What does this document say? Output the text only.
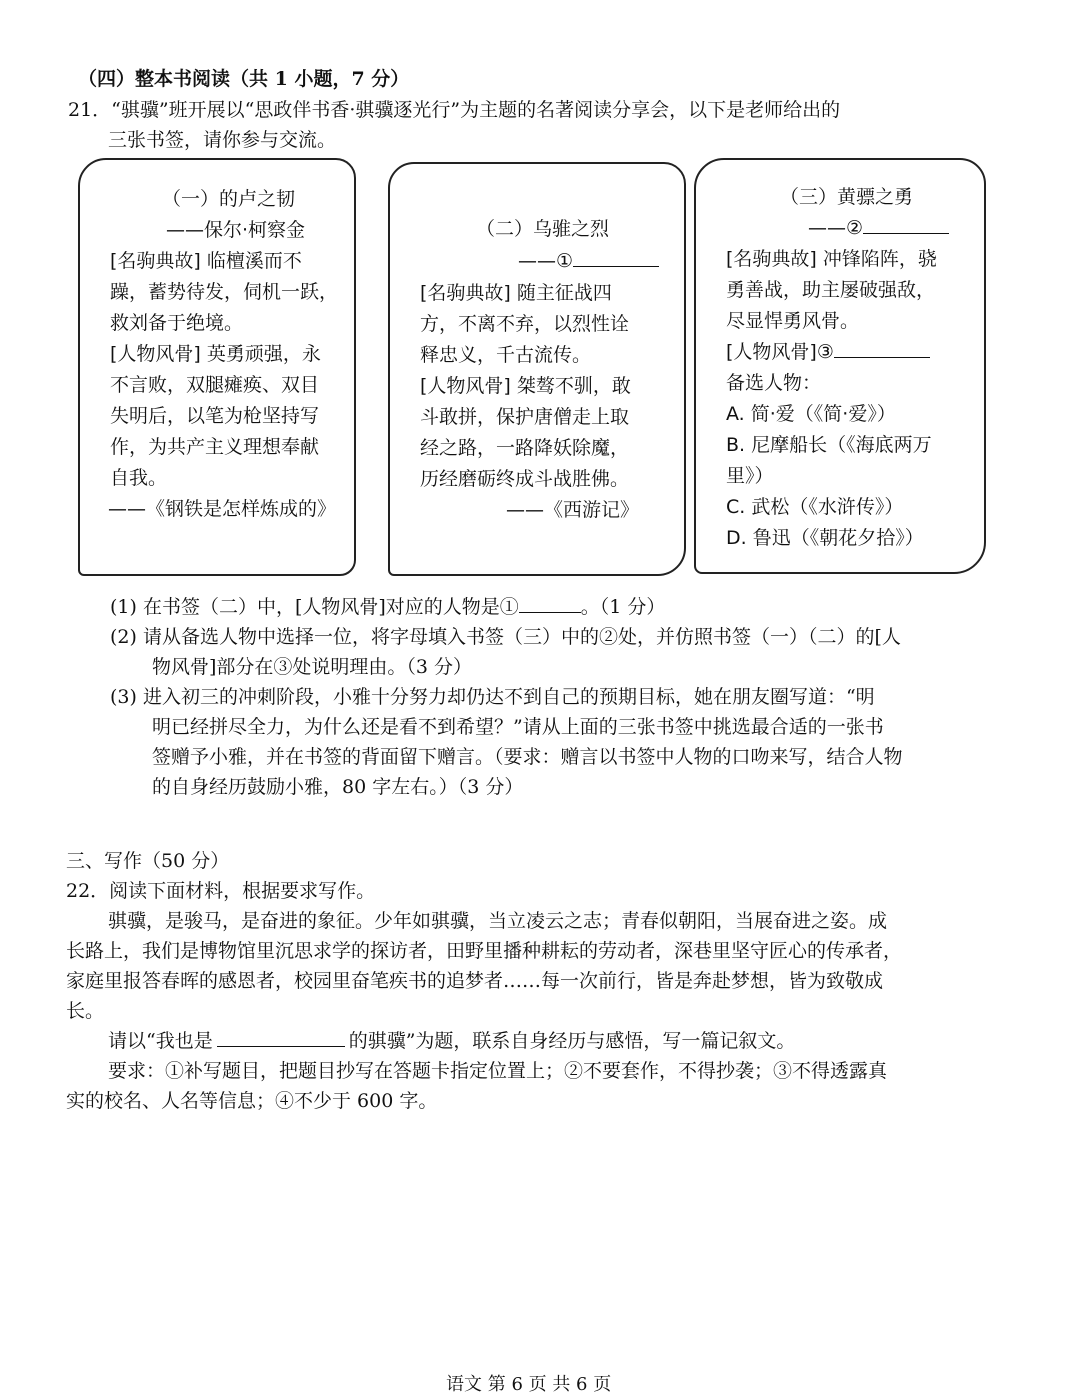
（四）整本书阅读（共 1 小题，7 分）
21．“骐骥”班开展以“思政伴书香·骐骥逐光行”为主题的名著阅读分享会，以下是老师给出的
三张书签，请你参与交流。
（一）的卢之韧
——保尔·柯察金
[名驹典故] 临檀溪而不
躁，蓄势待发，伺机一跃，
救刘备于绝境。
[人物风骨] 英勇顽强，永
不言败，双腿瘫痪、双目
失明后，以笔为枪坚持写
作，为共产主义理想奉献
自我。
——《钢铁是怎样炼成的》
（二）乌骓之烈
——①
[名驹典故] 随主征战四
方，不离不弃，以烈性诠
释忠义，千古流传。
[人物风骨] 桀骜不驯，敢
斗敢拼，保护唐僧走上取
经之路，一路降妖除魔，
历经磨砺终成斗战胜佛。
——《西游记》
（三）黄骠之勇
——②
[名驹典故] 冲锋陷阵，骁
勇善战，助主屡破强敌，
尽显悍勇风骨。
[人物风骨]③
备选人物：
A. 简·爱（《简·爱》）
B. 尼摩船长（《海底两万
里》）
C. 武松（《水浒传》）
D. 鲁迅（《朝花夕拾》）
(1) 在书签（二）中，[人物风骨]对应的人物是①	。（1 分）
(2) 请从备选人物中选择一位，将字母填入书签（三）中的②处，并仿照书签（一）（二）的[人
物风骨]部分在③处说明理由。（3 分）
(3) 进入初三的冲刺阶段，小雅十分努力却仍达不到自己的预期目标，她在朋友圈写道：“明
明已经拼尽全力，为什么还是看不到希望？”请从上面的三张书签中挑选最合适的一张书
签赠予小雅，并在书签的背面留下赠言。（要求：赠言以书签中人物的口吻来写，结合人物
的自身经历鼓励小雅，80 字左右。）（3 分）
三、写作（50 分）
22．阅读下面材料，根据要求写作。
骐骥，是骏马，是奋进的象征。少年如骐骥，当立凌云之志；青春似朝阳，当展奋进之姿。成
长路上，我们是博物馆里沉思求学的探访者，田野里播种耕耘的劳动者，深巷里坚守匠心的传承者，
家庭里报答春晖的感恩者，校园里奋笔疾书的追梦者……每一次前行，皆是奔赴梦想，皆为致敬成
长。
请以“我也是	的骐骥”为题，联系自身经历与感悟，写一篇记叙文。
要求：①补写题目，把题目抄写在答题卡指定位置上；②不要套作，不得抄袭；③不得透露真
实的校名、人名等信息；④不少于 600 字。
语文 第 6 页 共 6 页
